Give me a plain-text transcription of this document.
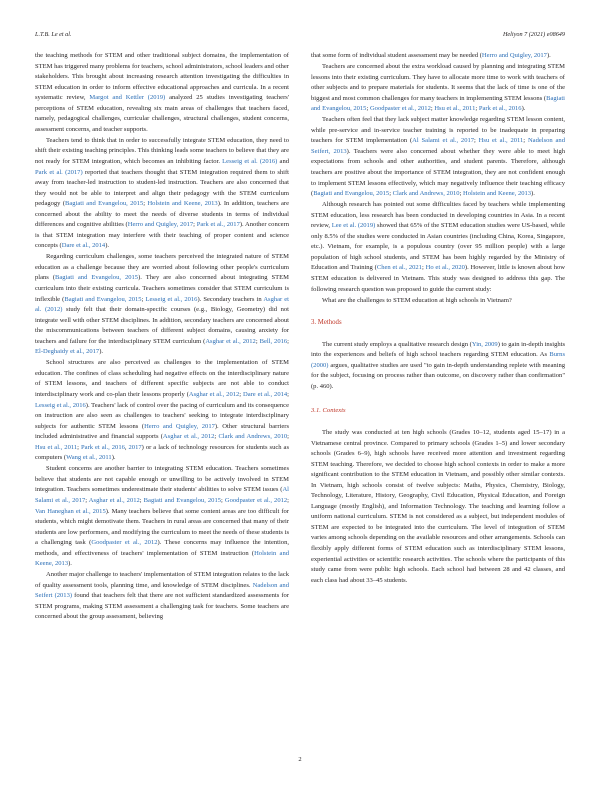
L.T.B. Le et al.	Heliyon 7 (2021) e08649

the teaching methods for STEM and other traditional subject domains, the implementation of STEM has triggered many problems for teachers, school administrators, school leaders and other stakeholders. This brought about increasing research attention investigating the difficulties in STEM education in order to inform effective educational approaches and curricula. In a recent systematic review, Margot and Kettler (2019) analyzed 25 studies investigating teachers' perceptions of STEM education, revealing six main areas of challenges that teachers faced, namely, pedagogical challenges, curricular challenges, structural challenges, student concerns, assessment concerns, and teacher supports.

Teachers tend to think that in order to successfully integrate STEM education, they need to shift their existing teaching principles. This thinking leads some teachers to believe that they are not ready for STEM integration, which becomes an inhibiting factor. Lesseig et al. (2016) and Park et al. (2017) reported that teachers thought that STEM integration required them to shift away from teacher-led instruction to student-led instruction. Teachers are also concerned that they would not be able to interpret and align their pedagogy with the STEM curriculum pedagogy (Bagiati and Evangelou, 2015; Holstein and Keene, 2013). In addition, teachers are concerned about the ability to meet the needs of diverse students in terms of individual differences and cognitive abilities (Herro and Quigley, 2017; Park et al., 2017). Another concern is that STEM integration may interfere with their teaching of proper content and science concepts (Dare et al., 2014).

Regarding curriculum challenges, some teachers perceived the integrated nature of STEM education as a challenge because they are worried about following other people's curriculum plans (Bagiati and Evangelou, 2015). They are also concerned about integrating STEM curriculum into their existing curricula. Teachers sometimes consider that STEM curriculum is inflexible (Bagiati and Evangelou, 2015; Lesseig et al., 2016). Secondary teachers in Asghar et al. (2012) study felt that their domain-specific courses (e.g., Biology, Geometry) did not integrate well with other STEM disciplines. In addition, secondary teachers are concerned about the miscommunications between teachers of different subject domains, causing anxiety for teachers and failure for the interdisciplinary STEM curriculum (Asghar et al., 2012; Bell, 2016; El-Deghaidy et al., 2017).

School structures are also perceived as challenges to the implementation of STEM education. The confines of class scheduling had negative effects on the interdisciplinary nature of STEM lessons, and teachers of different specific subjects are not able to conduct interdisciplinary work and co-plan their lessons properly (Asghar et al., 2012; Dare et al., 2014; Lesseig et al., 2016). Teachers' lack of control over the pacing of curriculum and its consequence on instruction are also seen as challenges to teachers' seeking to integrate interdisciplinary subjects for authentic STEM lessons (Herro and Quigley, 2017). Other structural barriers included administrative and financial supports (Asghar et al., 2012; Clark and Andrews, 2010; Hsu et al., 2011; Park et al., 2016, 2017) or a lack of technology resources for students such as computers (Wang et al., 2011).

Student concerns are another barrier to integrating STEM education. Teachers sometimes believe that students are not capable enough or unwilling to be actively involved in STEM integration. Teachers sometimes underestimate their students' abilities to solve STEM issues (Al Salami et al., 2017; Asghar et al., 2012; Bagiati and Evangelou, 2015; Goodpaster et al., 2012; Van Haneghan et al., 2015). Many teachers believe that some content areas are too difficult for students, which might demotivate them. Teachers in rural areas are concerned that many of their students are low performers, and modifying the curriculum to meet the needs of these students is a challenging task (Goodpaster et al., 2012). These concerns may influence the intention, methods, and effectiveness of teachers' implementation of STEM instruction (Holstein and Keene, 2013).

Another major challenge to teachers' implementation of STEM integration relates to the lack of quality assessment tools, planning time, and knowledge of STEM disciplines. Nadelson and Seifert (2013) found that teachers felt that there are not sufficient standardized assessments for STEM programs, making STEM assessment a challenging task for teachers. Some teachers are concerned about the group assessment, believing

that some form of individual student assessment may be needed (Herro and Quigley, 2017).

Teachers are concerned about the extra workload caused by planning and integrating STEM lessons into their existing curriculum. They have to allocate more time to work with teachers of other subjects and to prepare materials for students. It seems that the lack of time is one of the biggest and most common challenges for many teachers in implementing STEM lessons (Bagiati and Evangelou, 2015; Goodpaster et al., 2012; Hsu et al., 2011; Park et al., 2016).

Teachers often feel that they lack subject matter knowledge regarding STEM lesson content, while pre-service and in-service teacher training is reported to be inadequate in preparing teachers for STEM implementation (Al Salami et al., 2017; Hsu et al., 2011; Nadelson and Seifert, 2013). Teachers were also concerned about whether they were able to meet high expectations from schools and other authorities, and student parents. Therefore, although teachers are positive about the importance of STEM integration, they are not confident enough to implement STEM lessons effectively, which may negatively influence their teaching efficacy (Bagiati and Evangelou, 2015; Clark and Andrews, 2010; Holstein and Keene, 2013).

Although research has pointed out some difficulties faced by teachers while implementing STEM education, less research has been conducted in developing countries in Asia. In a recent review, Lee et al. (2019) showed that 65% of the STEM education studies were US-based, while only 8.5% of the studies were conducted in Asian countries (including China, Korea, Singapore, etc.). Vietnam, for example, is a populous country (over 95 million people) with a large population of high school students, and STEM has been highly regarded by the Ministry of Education and Training (Chen et al., 2021; Ho et al., 2020). However, little is known about how STEM education is delivered in Vietnam. This study was designed to address this gap. The following research question was proposed to guide the current study:

What are the challenges to STEM education at high schools in Vietnam?

3. Methods

The current study employs a qualitative research design (Yin, 2009) to gain in-depth insights into the experiences and beliefs of high school teachers regarding STEM education. As Burns (2000) argues, qualitative studies are used "to gain in-depth understanding replete with meaning for the subject, focusing on process rather than outcome, on discovery rather than confirmation" (p. 460).

3.1. Contexts

The study was conducted at ten high schools (Grades 10–12, students aged 15–17) in a Vietnamese central province. Compared to primary schools (Grades 1–5) and lower secondary schools (Grades 6–9), high schools have received more attention and investment regarding STEM teaching. Therefore, we decided to choose high school contexts in order to make a more significant contribution to the STEM education in Vietnam, and possibly other similar contexts. In Vietnam, high schools consist of twelve subjects: Maths, Physics, Chemistry, Biology, Technology, Literature, History, Geography, Civil Education, Physical Education, and Foreign Language (mostly English), and Information Technology. The teaching and learning follow a uniform national curriculum. STEM is not considered as a subject, but independent modules of STEM are expected to be integrated into the curriculum. The level of integration of STEM varies among schools depending on the available resources and other arrangements. Schools can flexibly apply different forms of STEM education such as interdisciplinary STEM lessons, experiential activities or scientific research activities. The schools where the participants of this study came from were public high schools. Each school had between 28 and 42 classes, and each class had about 33–45 students.

2
